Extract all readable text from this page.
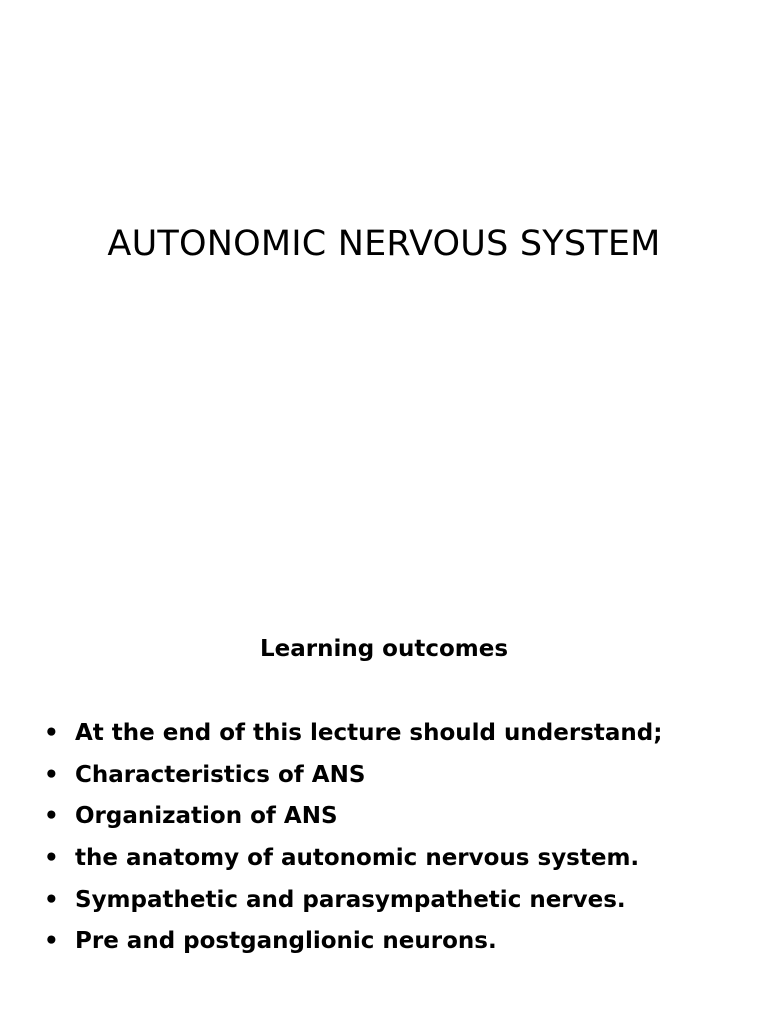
AUTONOMIC NERVOUS SYSTEM
Learning outcomes
• At the end of this lecture should understand;
• Characteristics of ANS
• Organization of ANS
• the anatomy of autonomic nervous system.
• Sympathetic and parasympathetic nerves.
• Pre and postganglionic neurons.
